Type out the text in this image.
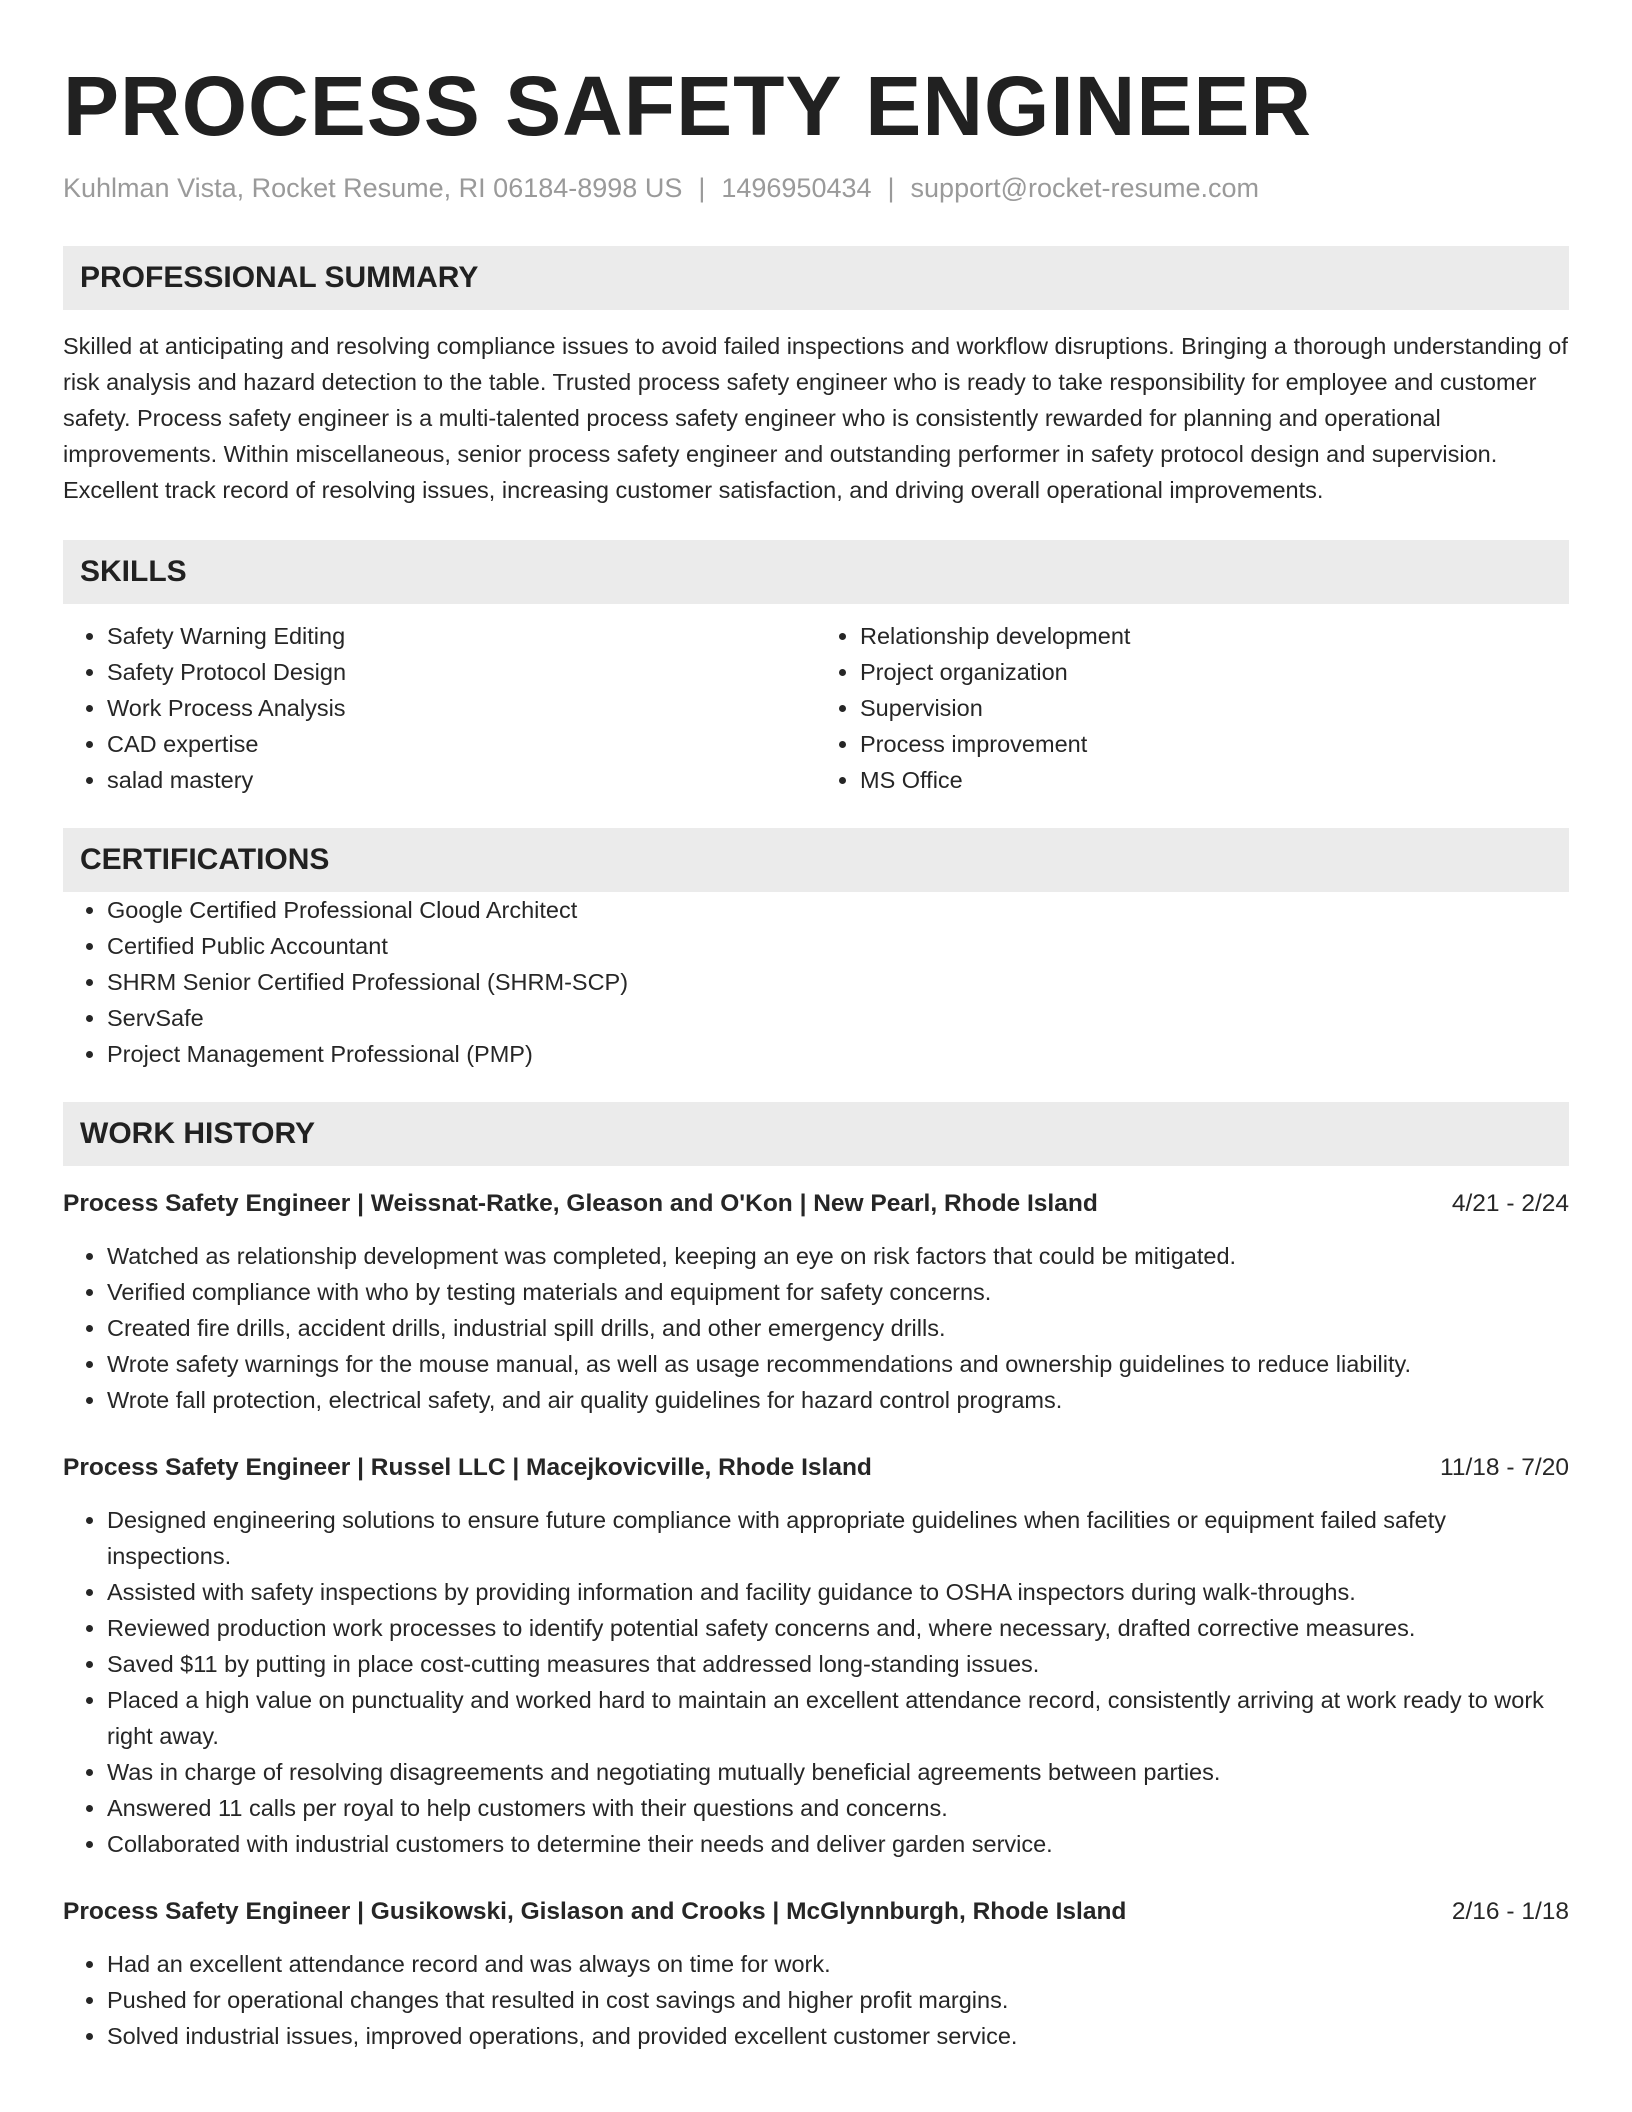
PROCESS SAFETY ENGINEER
Kuhlman Vista, Rocket Resume, RI 06184-8998 US | 1496950434 | support@rocket-resume.com
PROFESSIONAL SUMMARY

Skilled at anticipating and resolving compliance issues to avoid failed inspections and workflow disruptions. Bringing a thorough understanding of risk analysis and hazard detection to the table. Trusted process safety engineer who is ready to take responsibility for employee and customer safety. Process safety engineer is a multi-talented process safety engineer who is consistently rewarded for planning and operational improvements. Within miscellaneous, senior process safety engineer and outstanding performer in safety protocol design and supervision. Excellent track record of resolving issues, increasing customer satisfaction, and driving overall operational improvements.

SKILLS
• Safety Warning Editing
• Safety Protocol Design
• Work Process Analysis
• CAD expertise
• salad mastery
• Relationship development
• Project organization
• Supervision
• Process improvement
• MS Office
CERTIFICATIONS
• Google Certified Professional Cloud Architect
• Certified Public Accountant
• SHRM Senior Certified Professional (SHRM-SCP)
• ServSafe
• Project Management Professional (PMP)
WORK HISTORY
Process Safety Engineer | Weissnat-Ratke, Gleason and O'Kon | New Pearl, Rhode Island	4/21 - 2/24
• Watched as relationship development was completed, keeping an eye on risk factors that could be mitigated.
• Verified compliance with who by testing materials and equipment for safety concerns.
• Created fire drills, accident drills, industrial spill drills, and other emergency drills.
• Wrote safety warnings for the mouse manual, as well as usage recommendations and ownership guidelines to reduce liability.
• Wrote fall protection, electrical safety, and air quality guidelines for hazard control programs.
Process Safety Engineer | Russel LLC | Macejkovicville, Rhode Island	11/18 - 7/20
• Designed engineering solutions to ensure future compliance with appropriate guidelines when facilities or equipment failed safety inspections.
• Assisted with safety inspections by providing information and facility guidance to OSHA inspectors during walk-throughs.
• Reviewed production work processes to identify potential safety concerns and, where necessary, drafted corrective measures.
• Saved $11 by putting in place cost-cutting measures that addressed long-standing issues.
• Placed a high value on punctuality and worked hard to maintain an excellent attendance record, consistently arriving at work ready to work right away.
• Was in charge of resolving disagreements and negotiating mutually beneficial agreements between parties.
• Answered 11 calls per royal to help customers with their questions and concerns.
• Collaborated with industrial customers to determine their needs and deliver garden service.
Process Safety Engineer | Gusikowski, Gislason and Crooks | McGlynnburgh, Rhode Island	2/16 - 1/18
• Had an excellent attendance record and was always on time for work.
• Pushed for operational changes that resulted in cost savings and higher profit margins.
• Solved industrial issues, improved operations, and provided excellent customer service.
